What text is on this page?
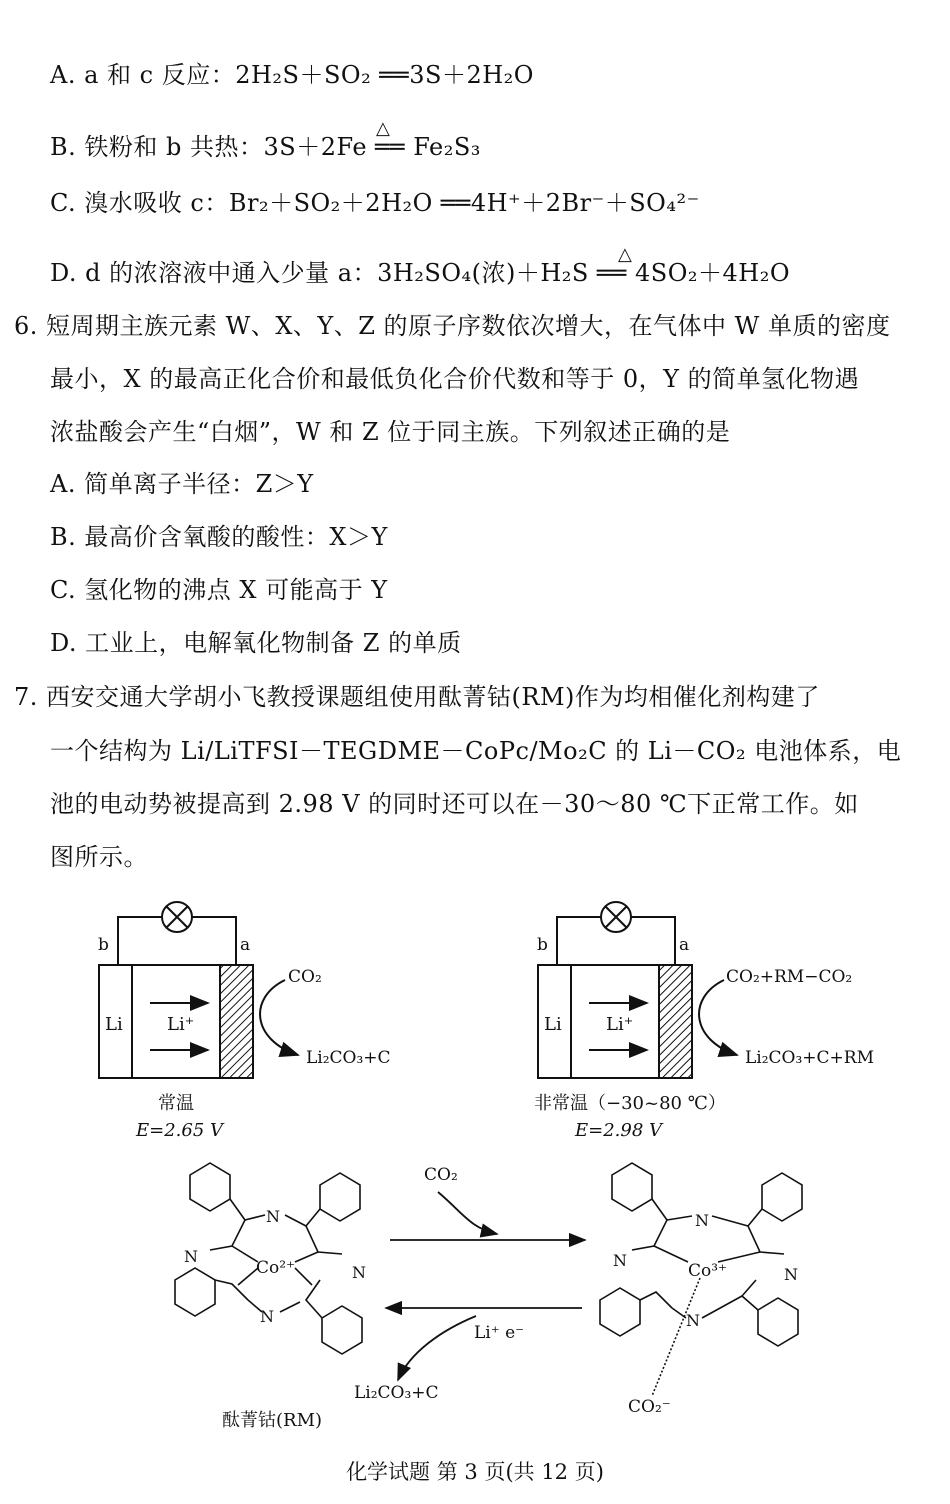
A. a 和 c 反应：2H₂S＋SO₂ ══3S＋2H₂O
B. 铁粉和 b 共热：3S＋2Fe ══ Fe₂S₃
C. 溴水吸收 c：Br₂＋SO₂＋2H₂O ══4H⁺＋2Br⁻＋SO₄²⁻
D. d 的浓溶液中通入少量 a：3H₂SO₄(浓)＋H₂S ══ 4SO₂＋4H₂O
△
△
6. 短周期主族元素 W、X、Y、Z 的原子序数依次增大，在气体中 W 单质的密度
最小，X 的最高正化合价和最低负化合价代数和等于 0，Y 的简单氢化物遇
浓盐酸会产生“白烟”，W 和 Z 位于同主族。下列叙述正确的是
A. 简单离子半径：Z＞Y
B. 最高价含氧酸的酸性：X＞Y
C. 氢化物的沸点 X 可能高于 Y
D. 工业上，电解氧化物制备 Z 的单质
7. 西安交通大学胡小飞教授课题组使用酞菁钴(RM)作为均相催化剂构建了
一个结构为 Li/LiTFSI－TEGDME－CoPc/Mo₂C 的 Li－CO₂ 电池体系，电
池的电动势被提高到 2.98 V 的同时还可以在－30～80 ℃下正常工作。如
图所示。
b	a
Li Li⁺
CO₂
Li₂CO₃+C
常温
E=2.65 V
b	a
Li Li⁺
CO₂+RM−CO₂
Li₂CO₃+C+RM
非常温（−30~80 ℃）
E=2.98 V
N
N
N
N
Co²⁺
酞菁钴(RM)
N
N
N
N
Co³⁺
CO₂⁻
CO₂
Li⁺ e⁻
Li₂CO₃+C
化学试题 第 3 页(共 12 页)
